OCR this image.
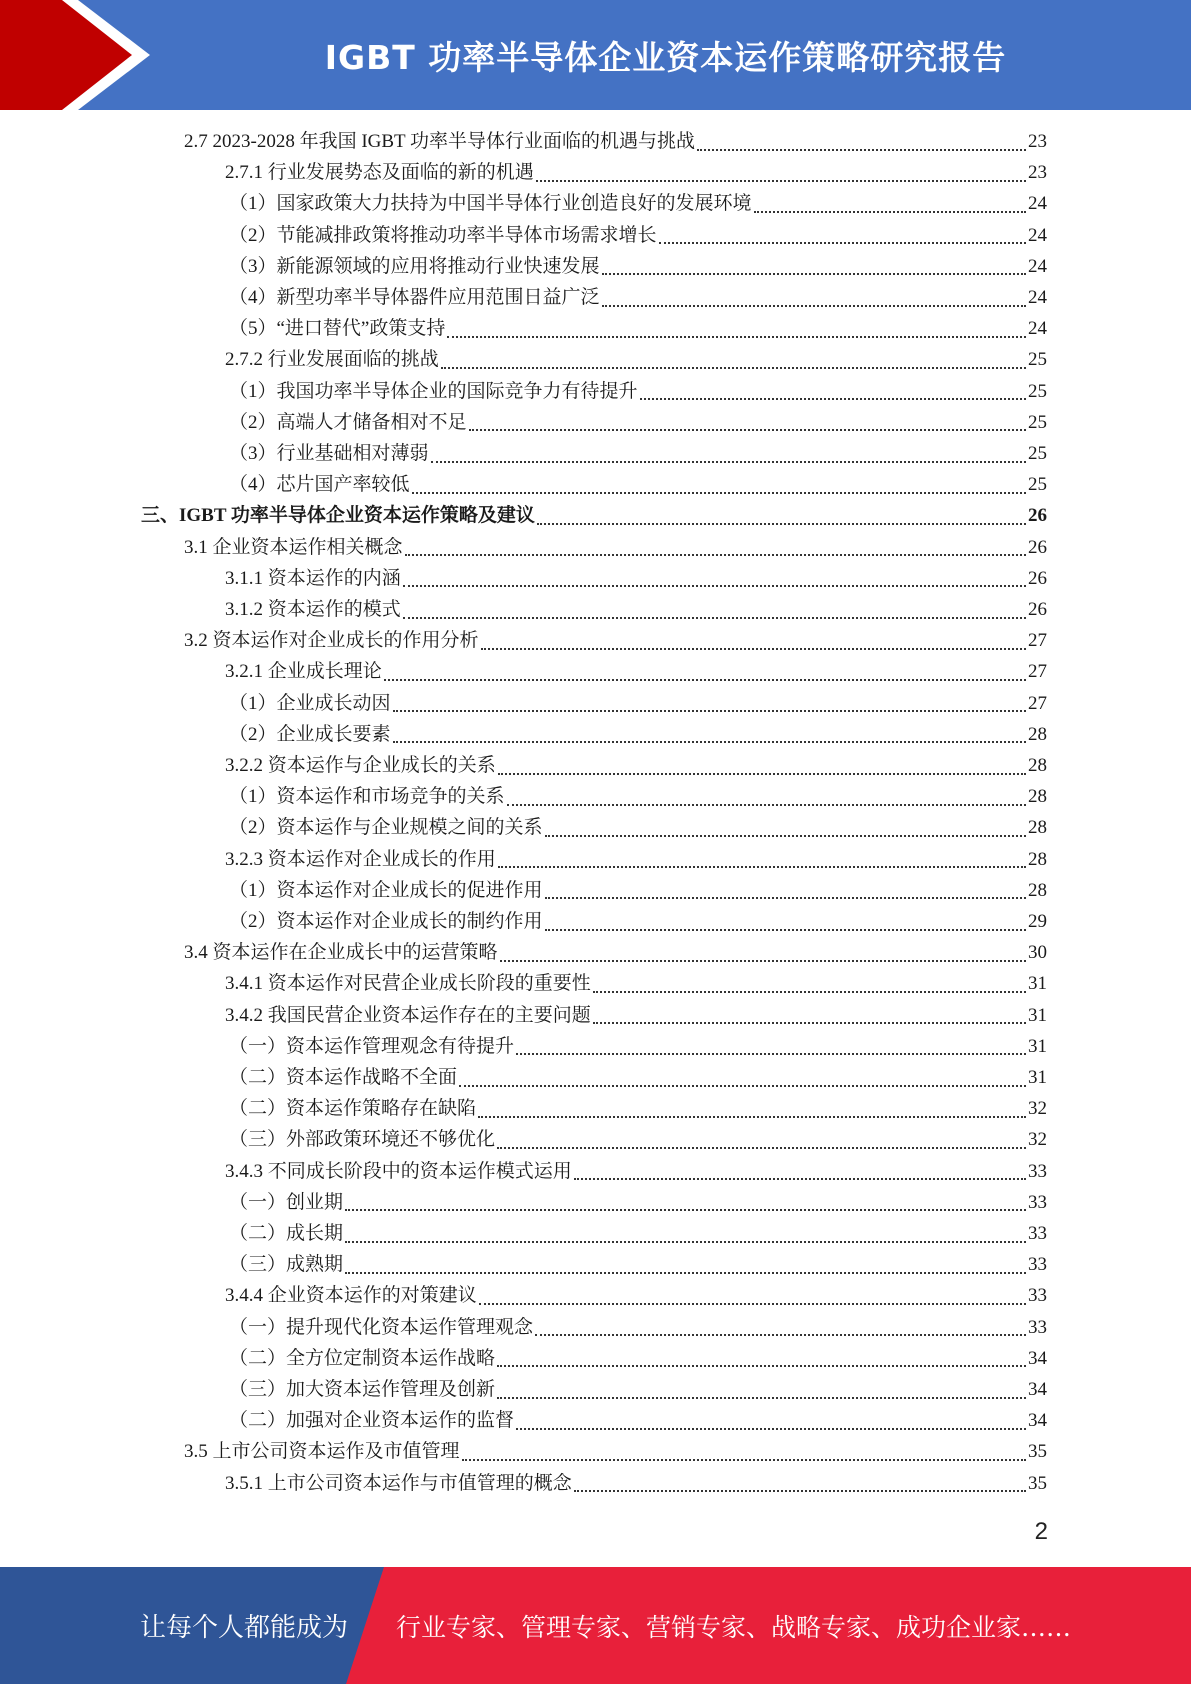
IGBT 功率半导体企业资本运作策略研究报告
2.7 2023-2028 年我国 IGBT 功率半导体行业面临的机遇与挑战	23
2.7.1 行业发展势态及面临的新的机遇	23
（1）国家政策大力扶持为中国半导体行业创造良好的发展环境	24
（2）节能减排政策将推动功率半导体市场需求增长	24
（3）新能源领域的应用将推动行业快速发展	24
（4）新型功率半导体器件应用范围日益广泛	24
（5）“进口替代”政策支持	24
2.7.2 行业发展面临的挑战	25
（1）我国功率半导体企业的国际竞争力有待提升	25
（2）高端人才储备相对不足	25
（3）行业基础相对薄弱	25
（4）芯片国产率较低	25
三、IGBT 功率半导体企业资本运作策略及建议	26
3.1 企业资本运作相关概念	26
3.1.1 资本运作的内涵	26
3.1.2 资本运作的模式	26
3.2 资本运作对企业成长的作用分析	27
3.2.1 企业成长理论	27
（1）企业成长动因	27
（2）企业成长要素	28
3.2.2 资本运作与企业成长的关系	28
（1）资本运作和市场竞争的关系	28
（2）资本运作与企业规模之间的关系	28
3.2.3 资本运作对企业成长的作用	28
（1）资本运作对企业成长的促进作用	28
（2）资本运作对企业成长的制约作用	29
3.4 资本运作在企业成长中的运营策略	30
3.4.1 资本运作对民营企业成长阶段的重要性	31
3.4.2 我国民营企业资本运作存在的主要问题	31
（一）资本运作管理观念有待提升	31
（二）资本运作战略不全面	31
（二）资本运作策略存在缺陷	32
（三）外部政策环境还不够优化	32
3.4.3 不同成长阶段中的资本运作模式运用	33
（一）创业期	33
（二）成长期	33
（三）成熟期	33
3.4.4 企业资本运作的对策建议	33
（一）提升现代化资本运作管理观念	33
（二）全方位定制资本运作战略	34
（三）加大资本运作管理及创新	34
（二）加强对企业资本运作的监督	34
3.5 上市公司资本运作及市值管理	35
3.5.1 上市公司资本运作与市值管理的概念	35
2
让每个人都能成为 行业专家、管理专家、营销专家、战略专家、成功企业家……
